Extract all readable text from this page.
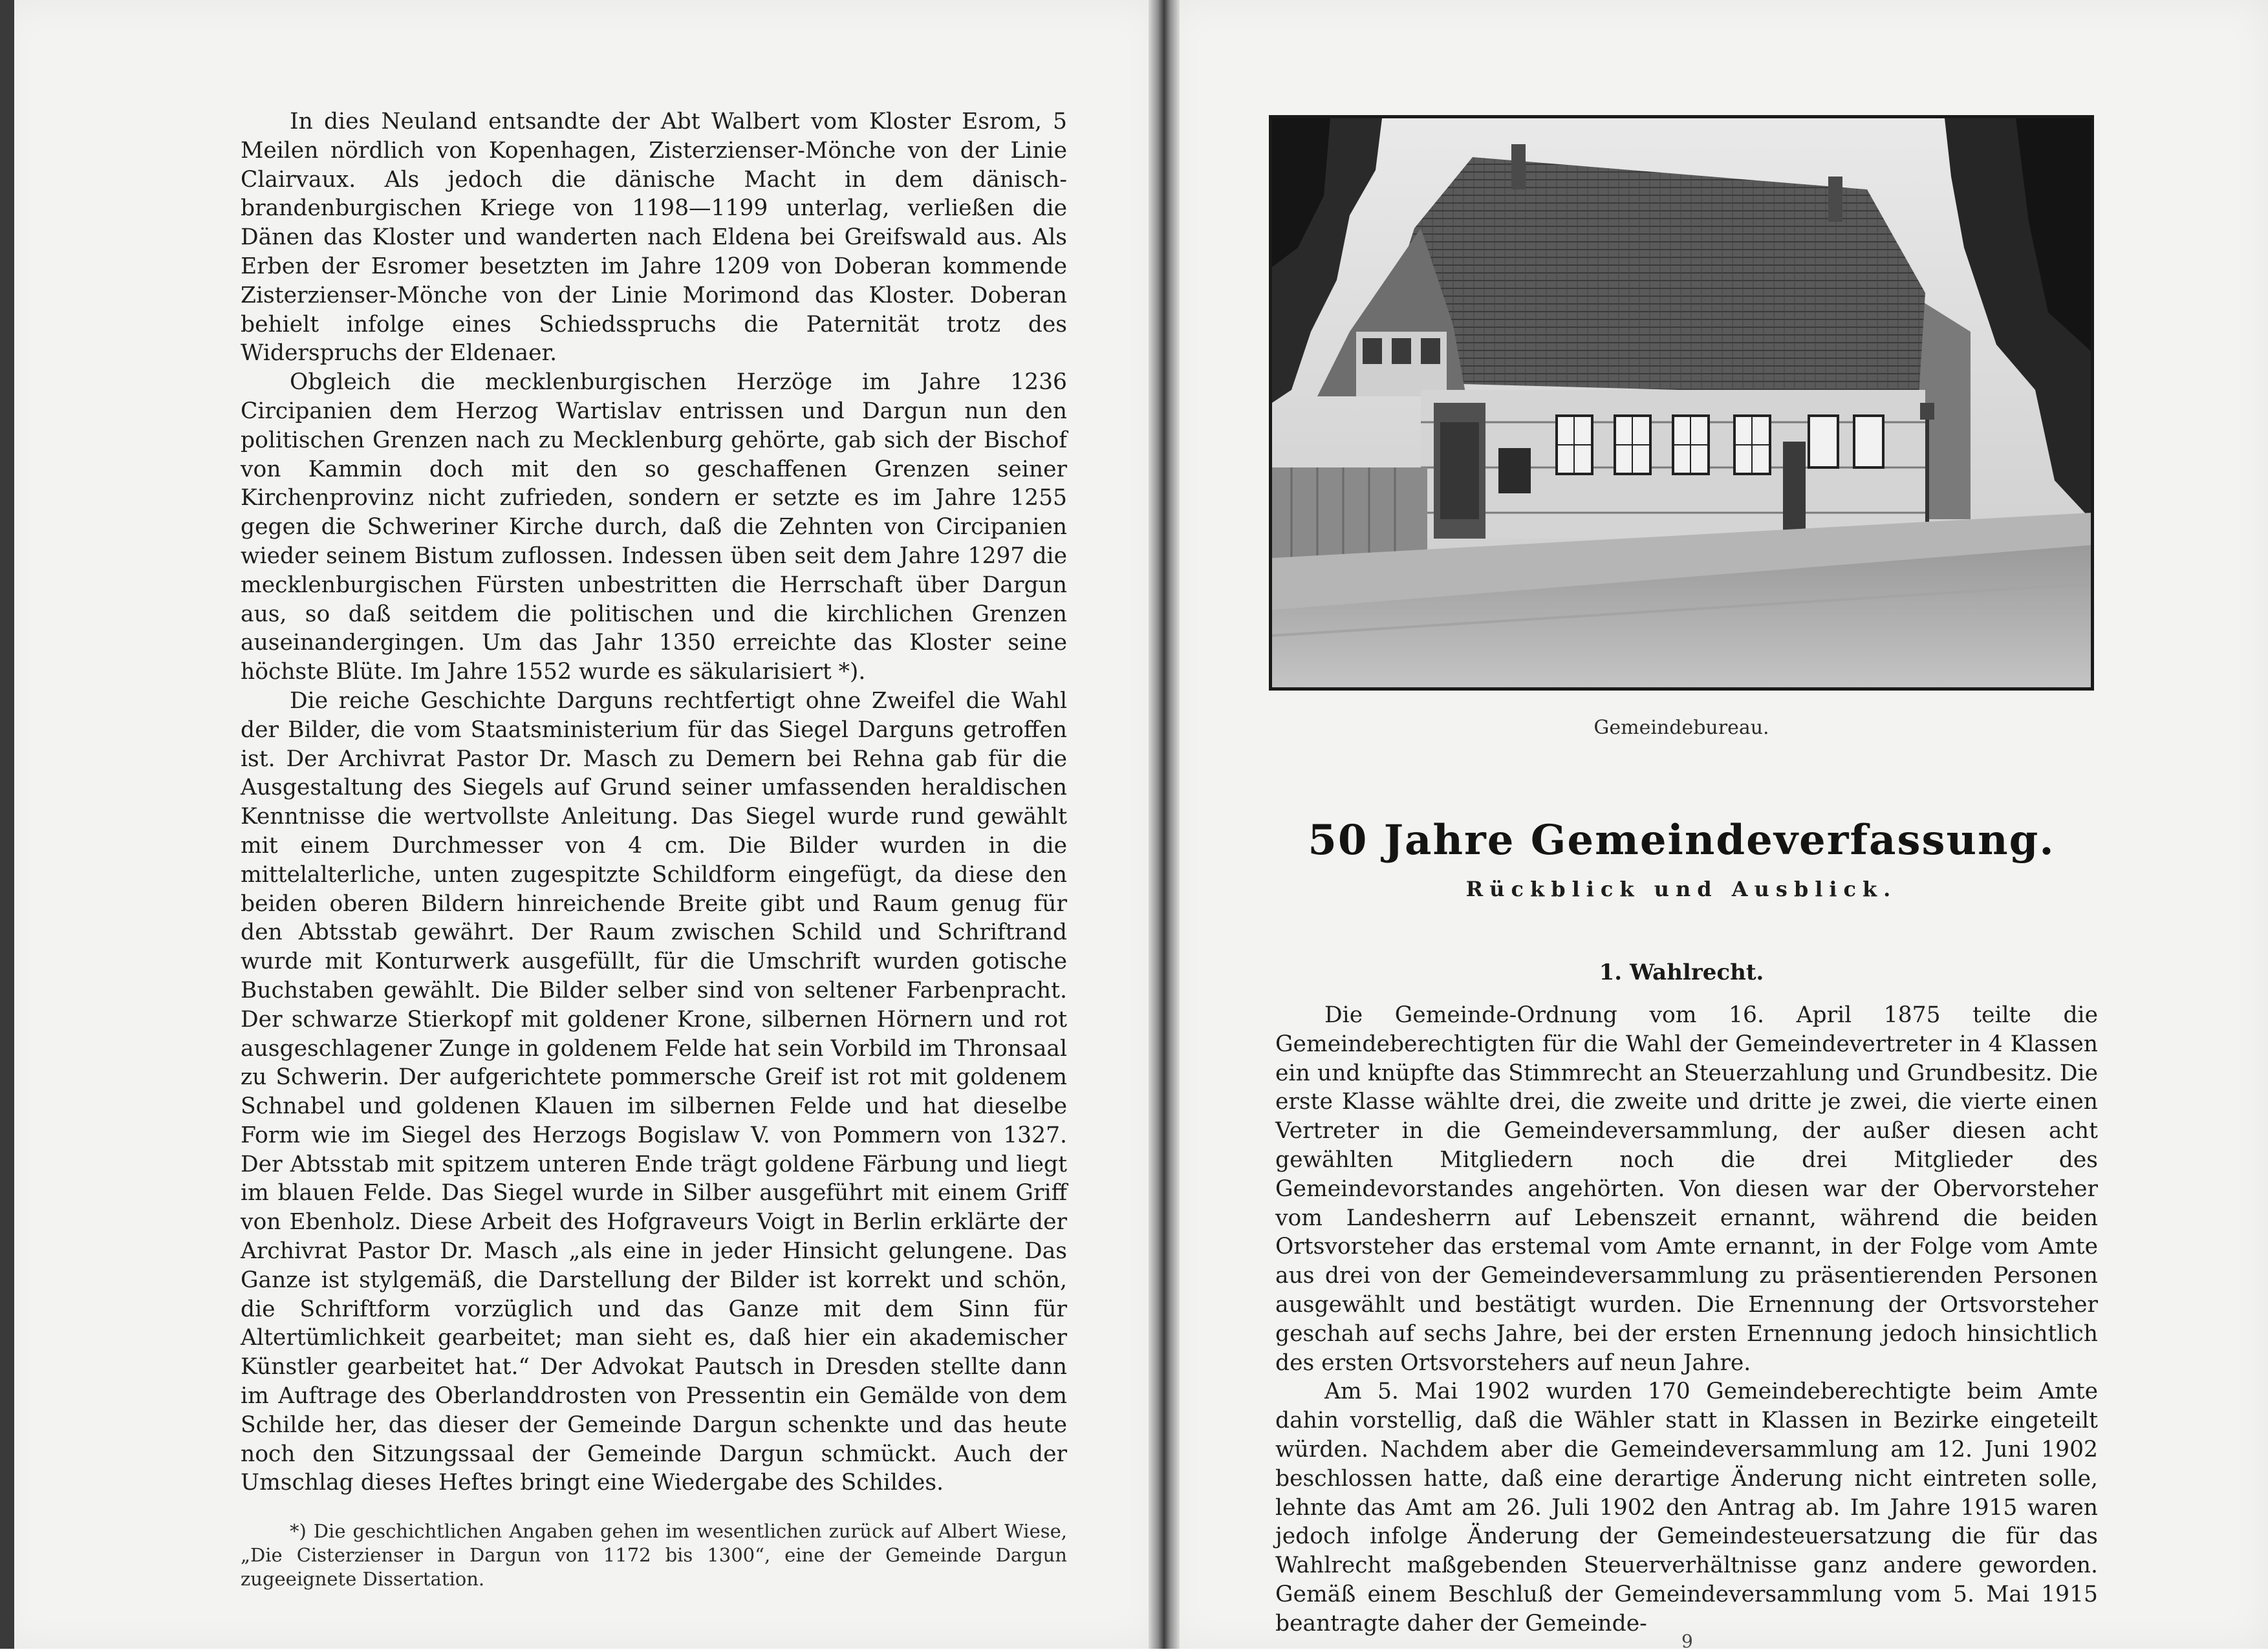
In dies Neuland entsandte der Abt Walbert vom Kloster Esrom, 5 Meilen nördlich von Kopenhagen, Zisterzienser-Mönche von der Linie Clairvaux. Als jedoch die dänische Macht in dem dänisch-brandenburgischen Kriege von 1198—1199 unterlag, verließen die Dänen das Kloster und wanderten nach Eldena bei Greifswald aus. Als Erben der Esromer besetzten im Jahre 1209 von Doberan kommende Zisterzienser-Mönche von der Linie Morimond das Kloster. Doberan behielt infolge eines Schiedsspruchs die Paternität trotz des Widerspruchs der Eldenaer.

Obgleich die mecklenburgischen Herzöge im Jahre 1236 Circipanien dem Herzog Wartislav entrissen und Dargun nun den politischen Grenzen nach zu Mecklenburg gehörte, gab sich der Bischof von Kammin doch mit den so geschaffenen Grenzen seiner Kirchenprovinz nicht zufrieden, sondern er setzte es im Jahre 1255 gegen die Schweriner Kirche durch, daß die Zehnten von Circipanien wieder seinem Bistum zuflossen. Indessen üben seit dem Jahre 1297 die mecklenburgischen Fürsten unbestritten die Herrschaft über Dargun aus, so daß seitdem die politischen und die kirchlichen Grenzen auseinandergingen. Um das Jahr 1350 erreichte das Kloster seine höchste Blüte. Im Jahre 1552 wurde es säkularisiert *).

Die reiche Geschichte Darguns rechtfertigt ohne Zweifel die Wahl der Bilder, die vom Staatsministerium für das Siegel Darguns getroffen ist. Der Archivrat Pastor Dr. Masch zu Demern bei Rehna gab für die Ausgestaltung des Siegels auf Grund seiner umfassenden heraldischen Kenntnisse die wertvollste Anleitung. Das Siegel wurde rund gewählt mit einem Durchmesser von 4 cm. Die Bilder wurden in die mittelalterliche, unten zugespitzte Schildform eingefügt, da diese den beiden oberen Bildern hinreichende Breite gibt und Raum genug für den Abtsstab gewährt. Der Raum zwischen Schild und Schriftrand wurde mit Konturwerk ausgefüllt, für die Umschrift wurden gotische Buchstaben gewählt. Die Bilder selber sind von seltener Farbenpracht. Der schwarze Stierkopf mit goldener Krone, silbernen Hörnern und rot ausgeschlagener Zunge in goldenem Felde hat sein Vorbild im Thronsaal zu Schwerin. Der aufgerichtete pommersche Greif ist rot mit goldenem Schnabel und goldenen Klauen im silbernen Felde und hat dieselbe Form wie im Siegel des Herzogs Bogislaw V. von Pommern von 1327. Der Abtsstab mit spitzem unteren Ende trägt goldene Färbung und liegt im blauen Felde. Das Siegel wurde in Silber ausgeführt mit einem Griff von Ebenholz. Diese Arbeit des Hofgraveurs Voigt in Berlin erklärte der Archivrat Pastor Dr. Masch „als eine in jeder Hinsicht gelungene. Das Ganze ist stylgemäß, die Darstellung der Bilder ist korrekt und schön, die Schriftform vorzüglich und das Ganze mit dem Sinn für Altertümlichkeit gearbeitet; man sieht es, daß hier ein akademischer Künstler gearbeitet hat.“ Der Advokat Pautsch in Dresden stellte dann im Auftrage des Oberlanddrosten von Pressentin ein Gemälde von dem Schilde her, das dieser der Gemeinde Dargun schenkte und das heute noch den Sitzungssaal der Gemeinde Dargun schmückt. Auch der Umschlag dieses Heftes bringt eine Wiedergabe des Schildes.

*) Die geschichtlichen Angaben gehen im wesentlichen zurück auf Albert Wiese, „Die Cisterzienser in Dargun von 1172 bis 1300“, eine der Gemeinde Dargun zugeeignete Dissertation.

Gemeindebureau.
50 Jahre Gemeindeverfassung.
Rückblick und Ausblick.
1. Wahlrecht.

Die Gemeinde-Ordnung vom 16. April 1875 teilte die Gemeindeberechtigten für die Wahl der Gemeindevertreter in 4 Klassen ein und knüpfte das Stimmrecht an Steuerzahlung und Grundbesitz. Die erste Klasse wählte drei, die zweite und dritte je zwei, die vierte einen Vertreter in die Gemeindeversammlung, der außer diesen acht gewählten Mitgliedern noch die drei Mitglieder des Gemeindevorstandes angehörten. Von diesen war der Obervorsteher vom Landesherrn auf Lebenszeit ernannt, während die beiden Ortsvorsteher das erstemal vom Amte ernannt, in der Folge vom Amte aus drei von der Gemeindeversammlung zu präsentierenden Personen ausgewählt und bestätigt wurden. Die Ernennung der Ortsvorsteher geschah auf sechs Jahre, bei der ersten Ernennung jedoch hinsichtlich des ersten Ortsvorstehers auf neun Jahre.

Am 5. Mai 1902 wurden 170 Gemeindeberechtigte beim Amte dahin vorstellig, daß die Wähler statt in Klassen in Bezirke eingeteilt würden. Nachdem aber die Gemeindeversammlung am 12. Juni 1902 beschlossen hatte, daß eine derartige Änderung nicht eintreten solle, lehnte das Amt am 26. Juli 1902 den Antrag ab. Im Jahre 1915 waren jedoch infolge Änderung der Gemeindesteuersatzung die für das Wahlrecht maßgebenden Steuerverhältnisse ganz andere geworden. Gemäß einem Beschluß der Gemeindeversammlung vom 5. Mai 1915 beantragte daher der Gemeinde-

9
